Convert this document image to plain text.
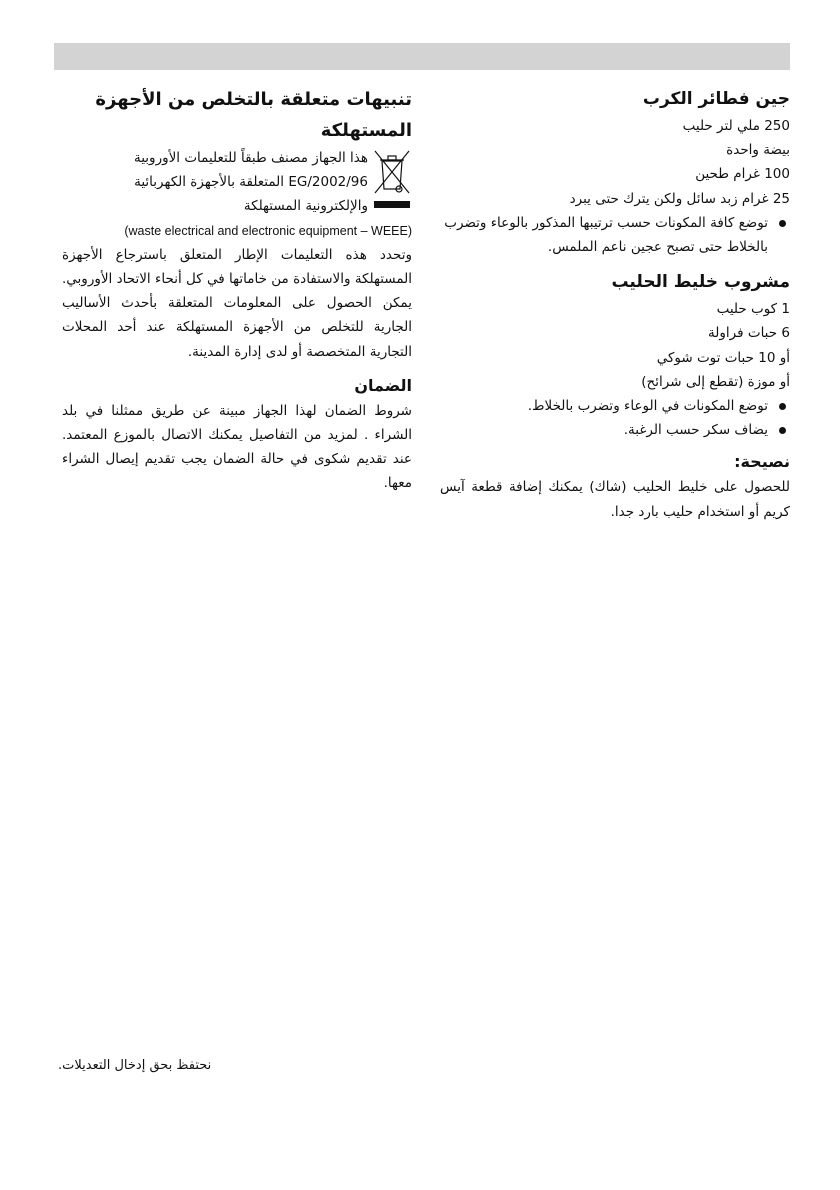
جين فطائر الكرب
250 ملي لتر حليب
بيضة واحدة
100 غرام طحين
25 غرام زبد سائل ولكن يترك حتى يبرد
توضع كافة المكونات حسب ترتيبها المذكور بالوعاء وتضرب بالخلاط حتى تصبح عجين ناعم الملمس.
مشروب خليط الحليب
1 كوب حليب
6 حبات فراولة
أو 10 حبات توت شوكي
أو موزة (تقطع إلى شرائح)
توضع المكونات في الوعاء وتضرب بالخلاط.
يضاف سكر حسب الرغبة.
نصيحة:
للحصول على خليط الحليب (شاك) يمكنك إضافة قطعة آيس كريم أو استخدام حليب بارد جدا.
تنبيهات متعلقة بالتخلص من الأجهزة المستهلكة
هذا الجهاز مصنف طبقاً للتعليمات الأوروبية
2002/96/EG المتعلقة بالأجهزة الكهربائية
والإلكترونية المستهلكة
(waste electrical and electronic equipment – WEEE)
وتحدد هذه التعليمات الإطار المتعلق باسترجاع الأجهزة المستهلكة والاستفادة من خاماتها في كل أنحاء الاتحاد الأوروبي. يمكن الحصول على المعلومات المتعلقة بأحدث الأساليب الجارية للتخلص من الأجهزة المستهلكة عند أحد المحلات التجارية المتخصصة أو لدى إدارة المدينة.
الضمان
شروط الضمان لهذا الجهاز مبينة عن طريق ممثلنا في بلد الشراء . لمزيد من التفاصيل يمكنك الاتصال بالموزع المعتمد. عند تقديم شكوى في حالة الضمان يجب تقديم إيصال الشراء معها.
نحتفظ بحق إدخال التعديلات.
